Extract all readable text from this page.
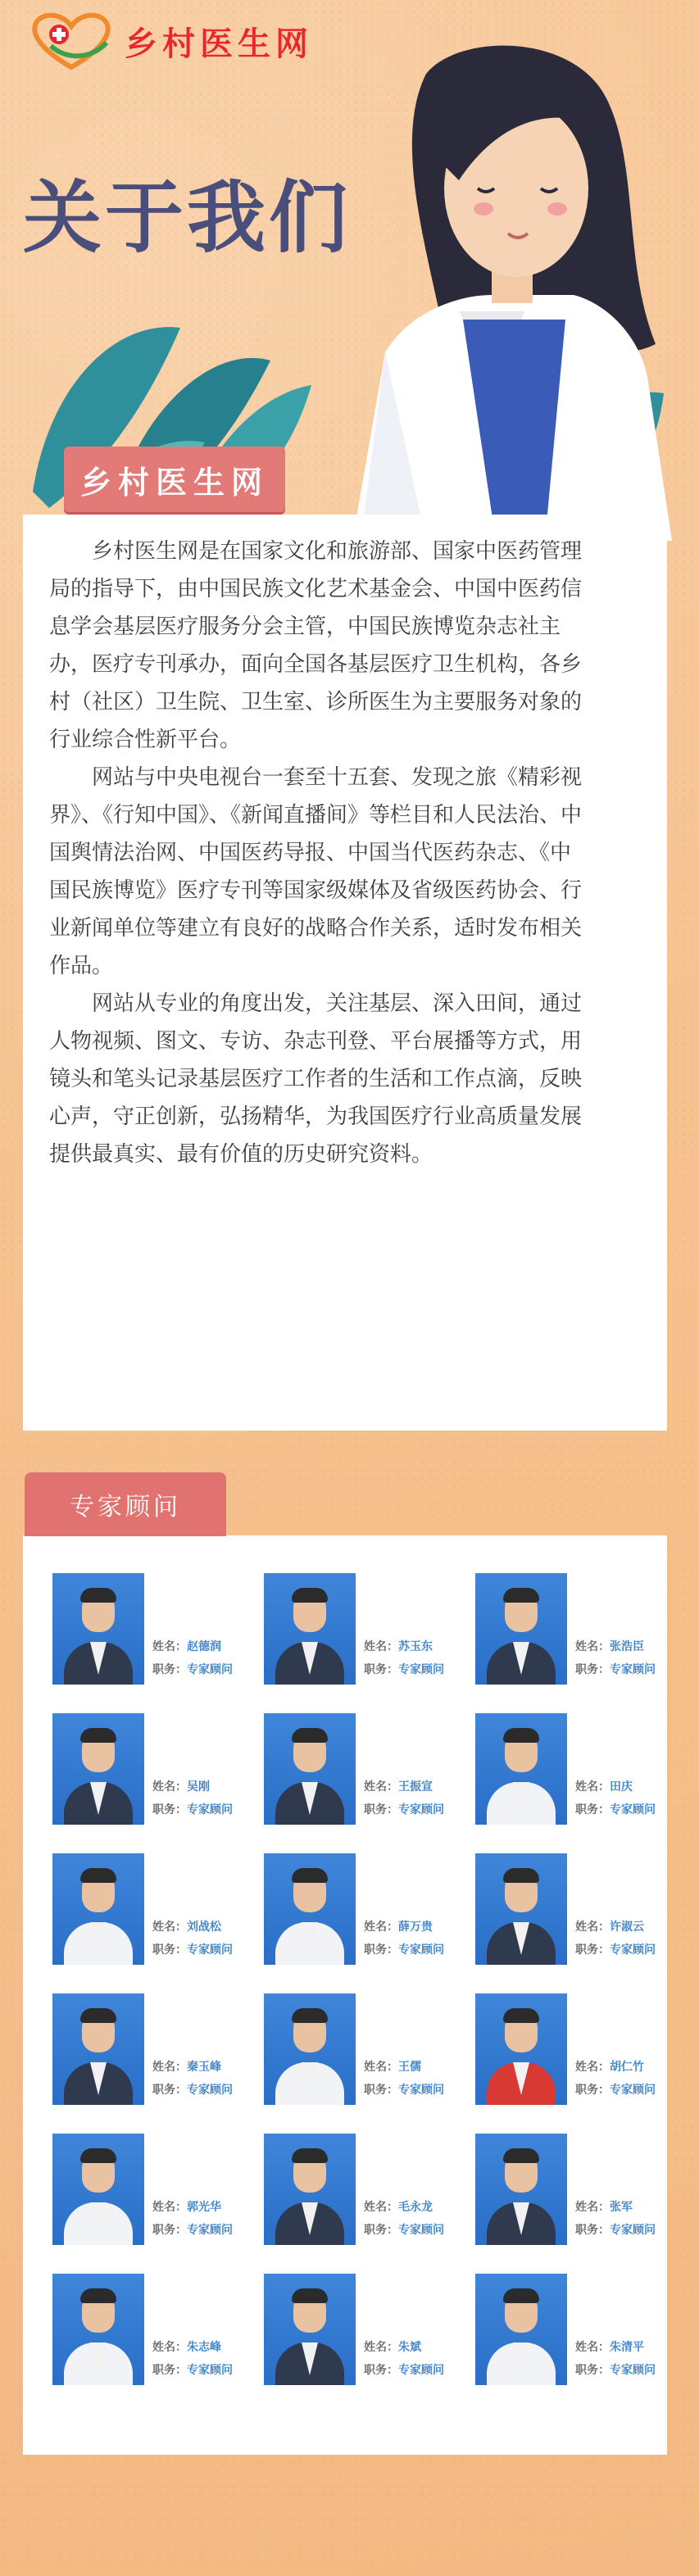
乡村医生网
关于我们
乡村医生网

乡村医生网是在国家文化和旅游部、国家中医药管理局的指导下，由中国民族文化艺术基金会、中国中医药信息学会基层医疗服务分会主管，中国民族博览杂志社主办，医疗专刊承办，面向全国各基层医疗卫生机构，各乡村（社区）卫生院、卫生室、诊所医生为主要服务对象的行业综合性新平台。

网站与中央电视台一套至十五套、发现之旅《精彩视界》、《行知中国》、《新闻直播间》等栏目和人民法治、中国舆情法治网、中国医药导报、中国当代医药杂志、《中国民族博览》医疗专刊等国家级媒体及省级医药协会、行业新闻单位等建立有良好的战略合作关系，适时发布相关作品。

网站从专业的角度出发，关注基层、深入田间，通过人物视频、图文、专访、杂志刊登、平台展播等方式，用镜头和笔头记录基层医疗工作者的生活和工作点滴，反映心声，守正创新，弘扬精华，为我国医疗行业高质量发展提供最真实、最有价值的历史研究资料。

专家顾问
姓名：赵德润
职务：专家顾问
姓名：苏玉东
职务：专家顾问
姓名：张浩臣
职务：专家顾问
姓名：吴刚
职务：专家顾问
姓名：王振宣
职务：专家顾问
姓名：田庆
职务：专家顾问
姓名：刘战松
职务：专家顾问
姓名：薛万贵
职务：专家顾问
姓名：许淑云
职务：专家顾问
姓名：秦玉峰
职务：专家顾问
姓名：王儒
职务：专家顾问
姓名：胡仁竹
职务：专家顾问
姓名：郭光华
职务：专家顾问
姓名：毛永龙
职务：专家顾问
姓名：张军
职务：专家顾问
姓名：朱志峰
职务：专家顾问
姓名：朱斌
职务：专家顾问
姓名：朱清平
职务：专家顾问
